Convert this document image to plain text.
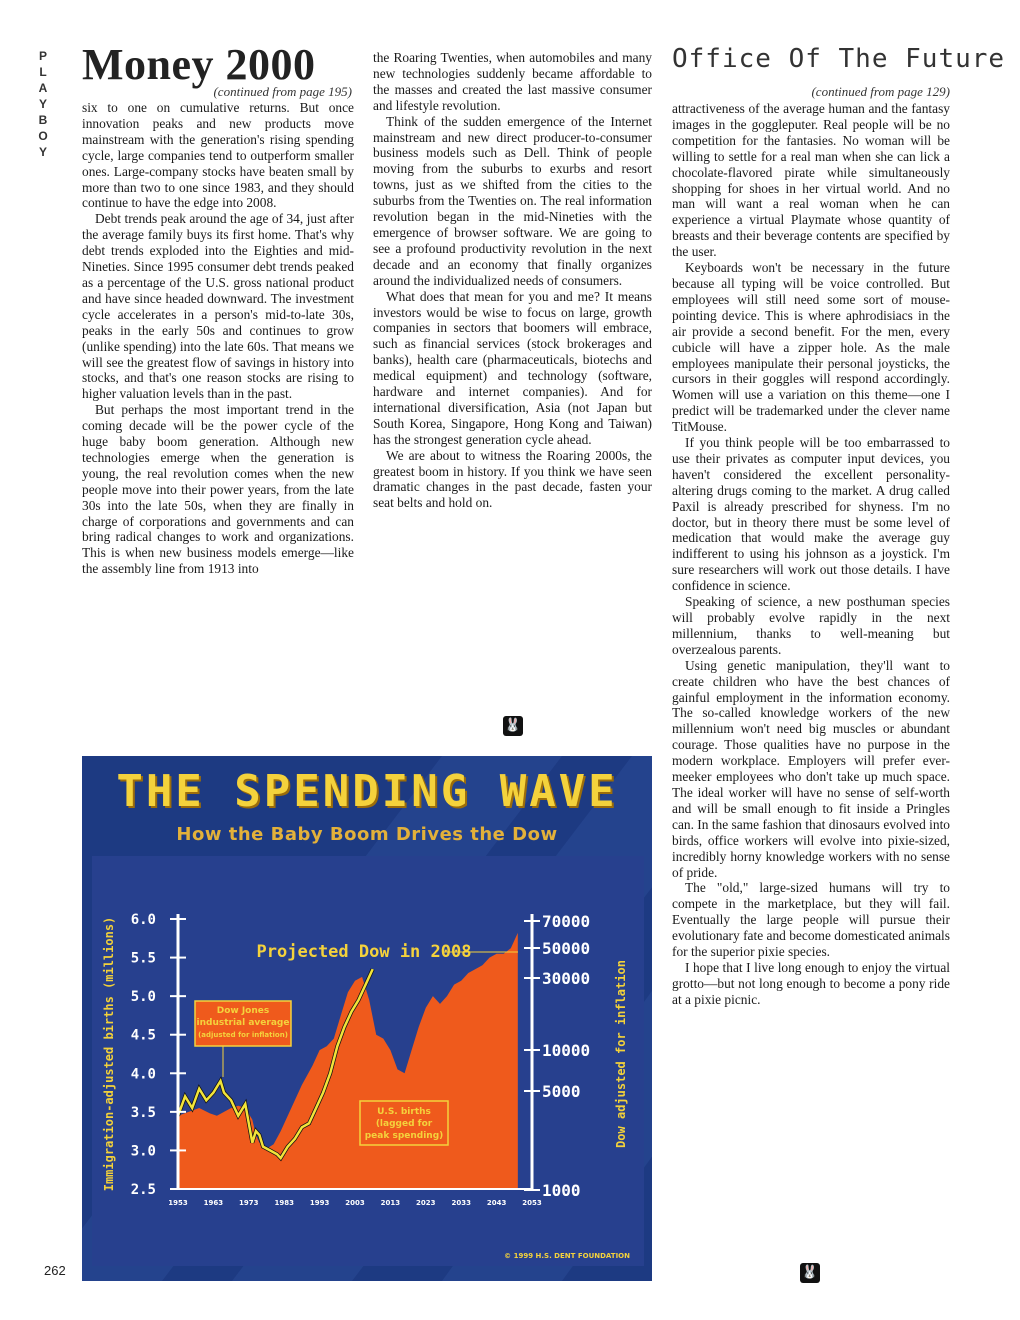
P
L
A
Y
B
O
Y
Money 2000
(continued from page 195)

six to one on cumulative returns. But once innovation peaks and new products move mainstream with the generation's rising spending cycle, large companies tend to outperform smaller ones. Large-company stocks have beaten small by more than two to one since 1983, and they should continue to have the edge into 2008.

Debt trends peak around the age of 34, just after the average family buys its first home. That's why debt trends exploded into the Eighties and mid-Nineties. Since 1995 consumer debt trends peaked as a percentage of the U.S. gross national product and have since headed downward. The investment cycle accelerates in a person's mid-to-late 30s, peaks in the early 50s and continues to grow (unlike spending) into the late 60s. That means we will see the greatest flow of savings in history into stocks, and that's one reason stocks are rising to higher valuation levels than in the past.

But perhaps the most important trend in the coming decade will be the power cycle of the huge baby boom generation. Although new technologies emerge when the generation is young, the real revolution comes when the new people move into their power years, from the late 30s into the late 50s, when they are finally in charge of corporations and governments and can bring radical changes to work and organizations. This is when new business models emerge—like the assembly line from 1913 into

the Roaring Twenties, when automobiles and many new technologies suddenly became affordable to the masses and created the last massive consumer and lifestyle revolution.

Think of the sudden emergence of the Internet mainstream and new direct producer-to-consumer business models such as Dell. Think of people moving from the suburbs to exurbs and resort towns, just as we shifted from the cities to the suburbs from the Twenties on. The real information revolution began in the mid-Nineties with the emergence of browser software. We are going to see a profound productivity revolution in the next decade and an economy that finally organizes around the individualized needs of consumers.

What does that mean for you and me? It means investors would be wise to focus on large, growth companies in sectors that boomers will embrace, such as financial services (stock brokerages and banks), health care (pharmaceuticals, biotechs and medical equipment) and technology (software, hardware and internet companies). And for international diversification, Asia (not Japan but South Korea, Singapore, Hong Kong and Taiwan) has the strongest generation cycle ahead.

We are about to witness the Roaring 2000s, the greatest boom in history. If you think we have seen dramatic changes in the past decade, fasten your seat belts and hold on.

🐰
Office Of The Future
(continued from page 129)

attractiveness of the average human and the fantasy images in the goggleputer. Real people will be no competition for the fantasies. No woman will be willing to settle for a real man when she can lick a chocolate-flavored pirate while simultaneously shopping for shoes in her virtual world. And no man will want a real woman when he can experience a virtual Playmate whose quantity of breasts and their beverage contents are specified by the user.

Keyboards won't be necessary in the future because all typing will be voice controlled. But employees will still need some sort of mouse-pointing device. This is where aphrodisiacs in the air provide a second benefit. For the men, every cubicle will have a zipper hole. As the male employees manipulate their personal joysticks, the cursors in their goggles will respond accordingly. Women will use a variation on this theme—one I predict will be trademarked under the clever name TitMouse.

If you think people will be too embarrassed to use their privates as computer input devices, you haven't considered the excellent personality-altering drugs coming to the market. A drug called Paxil is already prescribed for shyness. I'm no doctor, but in theory there must be some level of medication that would make the average guy indifferent to using his johnson as a joystick. I'm sure researchers will work out those details. I have confidence in science.

Speaking of science, a new posthuman species will probably evolve rapidly in the next millennium, thanks to well-meaning but overzealous parents.

Using genetic manipulation, they'll want to create children who have the best chances of gainful employment in the information economy. The so-called knowledge workers of the new millennium won't need big muscles or abundant courage. Those qualities have no purpose in the modern workplace. Employers will prefer ever-meeker employees who don't take up much space. The ideal worker will have no sense of self-worth and will be small enough to fit inside a Pringles can. In the same fashion that dinosaurs evolved into birds, office workers will evolve into pixie-sized, incredibly horny knowledge workers with no sense of pride.

The "old," large-sized humans will try to compete in the marketplace, but they will fail. Eventually the large people will pursue their evolutionary fate and become domesticated animals for the superior pixie species.

I hope that I live long enough to enjoy the virtual grotto—but not long enough to become a pony ride at a pixie picnic.

🐰
262
6.0
5.5
5.0
4.5
4.0
3.5
3.0
2.5
1953 1963 1973 1983 1993 2003 2013 2023 2033 2043 2053
70000
50000
30000
10000
5000
1000
Immigration-adjusted births (millions)	Dow adjusted for inflation
Projected Dow in 2008
Dow Jones
industrial average
(adjusted for inflation)
U.S. births
(lagged for
peak spending)
© 1999 H.S. DENT FOUNDATION
THE SPENDING WAVE
How the Baby Boom Drives the Dow
